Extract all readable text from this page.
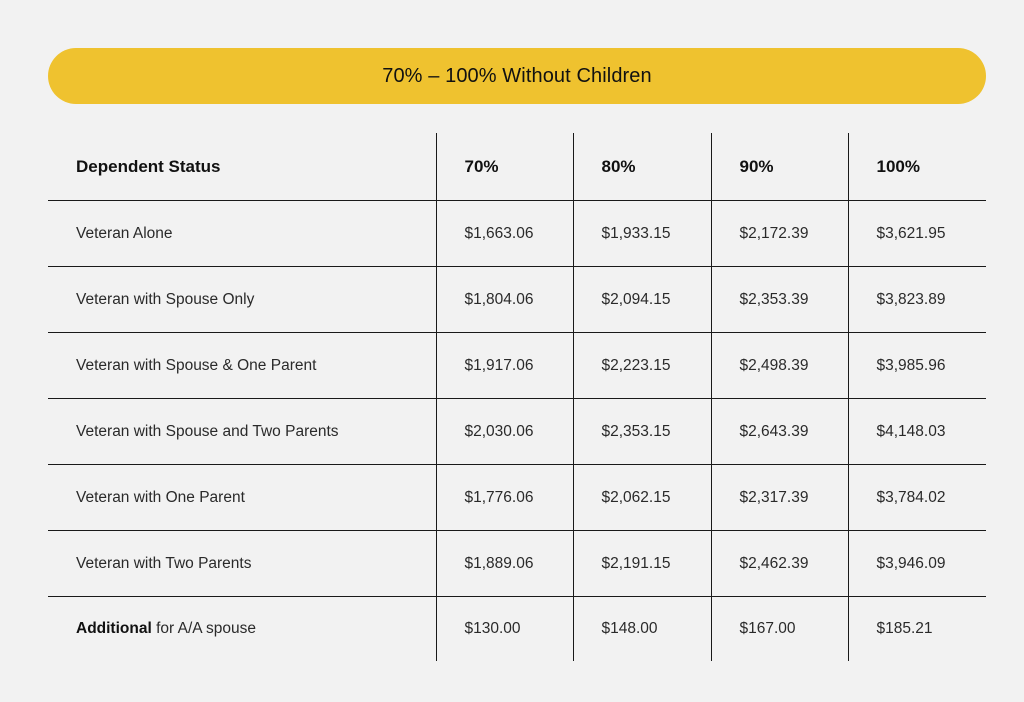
70% – 100% Without Children
Dependent Status	70%	80%	90%	100%
Veteran Alone	$1,663.06	$1,933.15	$2,172.39	$3,621.95
Veteran with Spouse Only	$1,804.06	$2,094.15	$2,353.39	$3,823.89
Veteran with Spouse & One Parent	$1,917.06	$2,223.15	$2,498.39	$3,985.96
Veteran with Spouse and Two Parents	$2,030.06	$2,353.15	$2,643.39	$4,148.03
Veteran with One Parent	$1,776.06	$2,062.15	$2,317.39	$3,784.02
Veteran with Two Parents	$1,889.06	$2,191.15	$2,462.39	$3,946.09
Additional for A/A spouse	$130.00	$148.00	$167.00	$185.21
